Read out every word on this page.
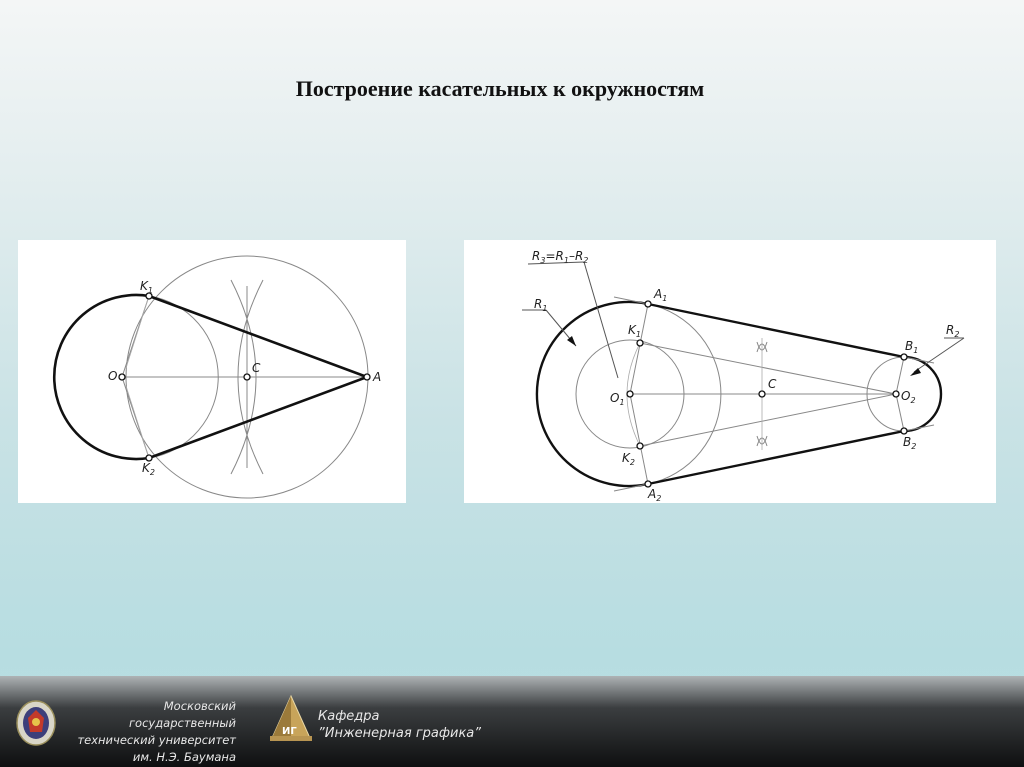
Построение касательных к окружностям
O
C
A
$K_1$
$K_2$
$R_3=R_1-R_2$
$R_1$
$R_2$
$A_1$
$A_2$
$K_1$
$K_2$
$O_1$	$O_2$
C
$B_1$
$B_2$
Московский государственный
технический университет
им. Н.Э. Баумана
ИГ
Кафедра
”Инженерная графика”
